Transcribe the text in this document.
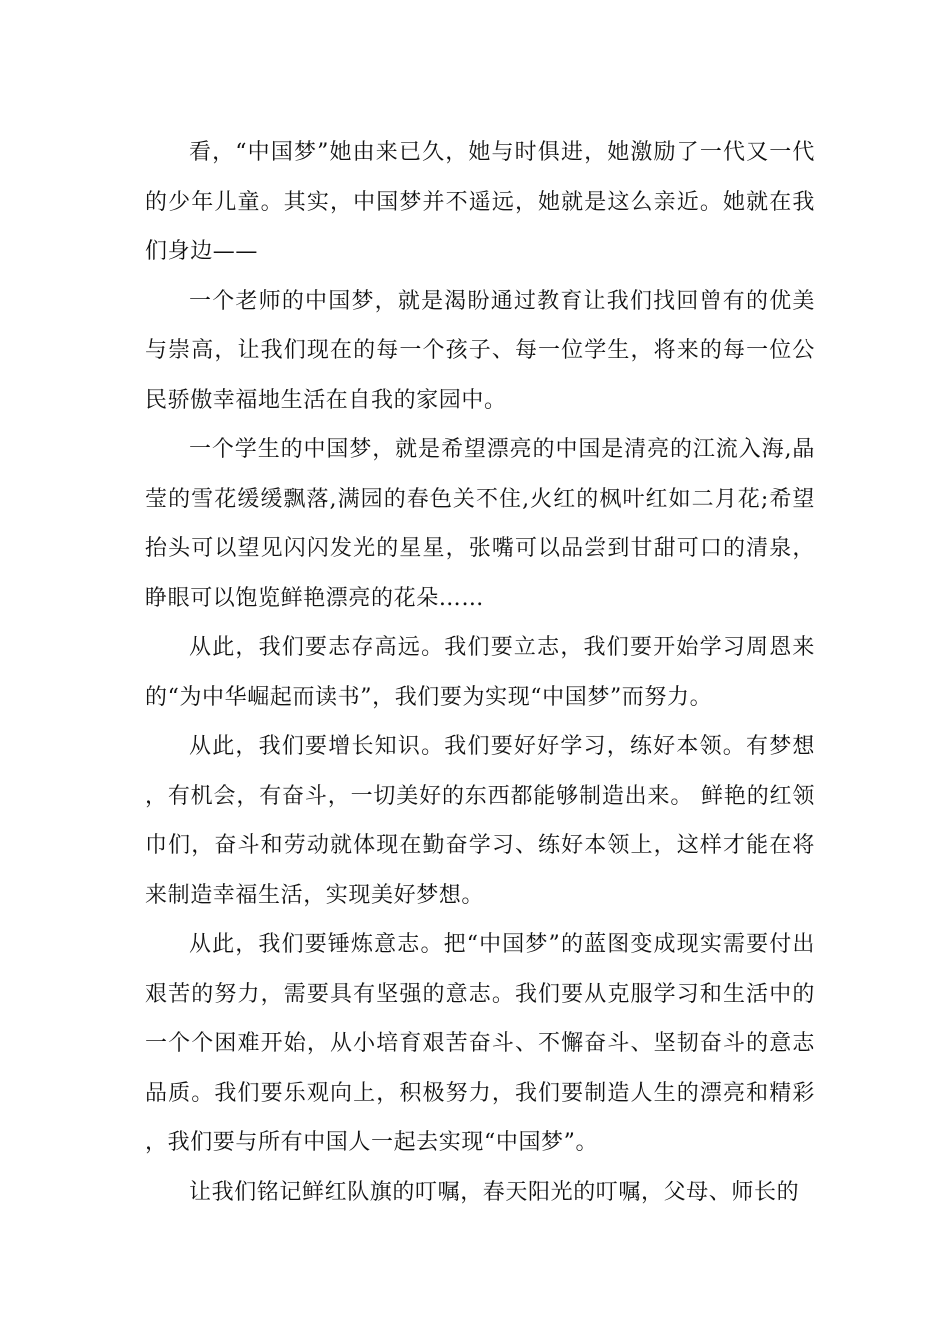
看，“中国梦”她由来已久，她与时俱进，她激励了一代又一代的少年儿童。其实，中国梦并不遥远，她就是这么亲近。她就在我们身边——

一个老师的中国梦，就是渴盼通过教育让我们找回曾有的优美与崇高，让我们现在的每一个孩子、每一位学生，将来的每一位公民骄傲幸福地生活在自我的家园中。

一个学生的中国梦，就是希望漂亮的中国是清亮的江流入海,晶莹的雪花缓缓飘落,满园的春色关不住,火红的枫叶红如二月花;希望抬头可以望见闪闪发光的星星，张嘴可以品尝到甘甜可口的清泉，睁眼可以饱览鲜艳漂亮的花朵……

从此，我们要志存高远。我们要立志，我们要开始学习周恩来的“为中华崛起而读书”，我们要为实现“中国梦”而努力。

从此，我们要增长知识。我们要好好学习，练好本领。有梦想，有机会，有奋斗，一切美好的东西都能够制造出来。 鲜艳的红领巾们，奋斗和劳动就体现在勤奋学习、练好本领上，这样才能在将来制造幸福生活，实现美好梦想。

从此，我们要锤炼意志。把“中国梦”的蓝图变成现实需要付出艰苦的努力，需要具有坚强的意志。我们要从克服学习和生活中的一个个困难开始，从小培育艰苦奋斗、不懈奋斗、坚韧奋斗的意志品质。我们要乐观向上，积极努力，我们要制造人生的漂亮和精彩，我们要与所有中国人一起去实现“中国梦”。

让我们铭记鲜红队旗的叮嘱，春天阳光的叮嘱，父母、师长的
